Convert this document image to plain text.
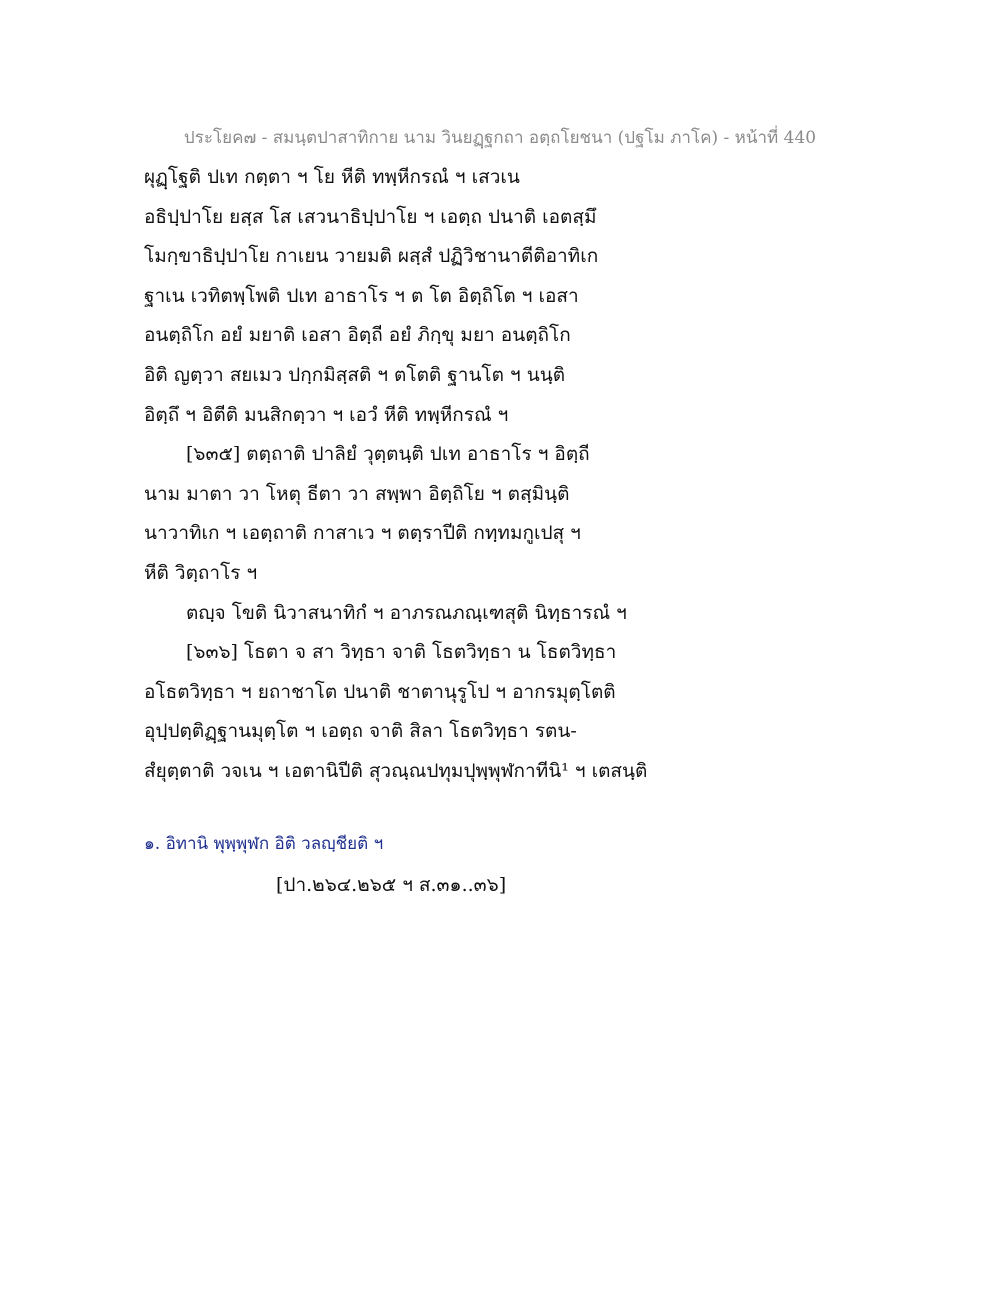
ประโยค๗ - สมนฺตปาสาทิกาย นาม วินยฏฺฐกถา อตฺถโยชนา (ปฐโม ภาโค) - หน้าที่ 440
ผุฏฺโฐติ ปเท กตฺตา ฯ โย หีติ ทพฺหีกรณํ ฯ เสวเน
อธิปฺปาโย ยสฺส โส เสวนาธิปฺปาโย ฯ เอตฺถ ปนาติ เอตสฺมึ
โมกฺขาธิปฺปาโย กาเยน วายมติ ผสฺสํ ปฏิวิชานาตีติอาทิเก
ฐาเน เวทิตพฺโพติ ปเท อาธาโร ฯ ต โต อิตฺถิโต ฯ เอสา
อนตฺถิโก อยํ มยาติ เอสา อิตฺถี อยํ ภิกฺขุ มยา อนตฺถิโก
อิติ ญตฺวา สยเมว ปกฺกมิสฺสติ ฯ ตโตติ ฐานโต ฯ นนฺติ
อิตฺถึ ฯ อิตีติ มนสิกตฺวา ฯ เอวํ หีติ ทพฺหีกรณํ ฯ
[๖๓๕] ตตฺถาติ ปาลิยํ วุตฺตนฺติ ปเท อาธาโร ฯ อิตฺถี
นาม มาตา วา โหตุ ธีตา วา สพฺพา อิตฺถิโย ฯ ตสฺมินฺติ
นาวาทิเก ฯ เอตฺถาติ กาสาเว ฯ ตตฺราปีติ กทฺทมกูเปสุ ฯ
หีติ วิตฺถาโร ฯ
ตญฺจ โขติ นิวาสนาทิกํ ฯ อาภรณภณฺเฑสุติ นิทฺธารณํ ฯ
[๖๓๖] โธตา จ สา วิทฺธา จาติ โธตวิทฺธา น โธตวิทฺธา
อโธตวิทฺธา ฯ ยถาชาโต ปนาติ ชาตานุรูโป ฯ อากรมุตฺโตติ
อุปฺปตฺติฏฺฐานมุตฺโต ฯ เอตฺถ จาติ สิลา โธตวิทฺธา รตน-
สํยุตฺตาติ วจเน ฯ เอตานิปีติ สุวณฺณปทุมปุพฺพุฬกาทีนิ¹ ฯ เตสนฺติ
๑. อิทานิ พุพฺพุฬก อิติ วลญฺชียติ ฯ
[ปา.๒๖๔.๒๖๕ ฯ ส.๓๑..๓๖]
